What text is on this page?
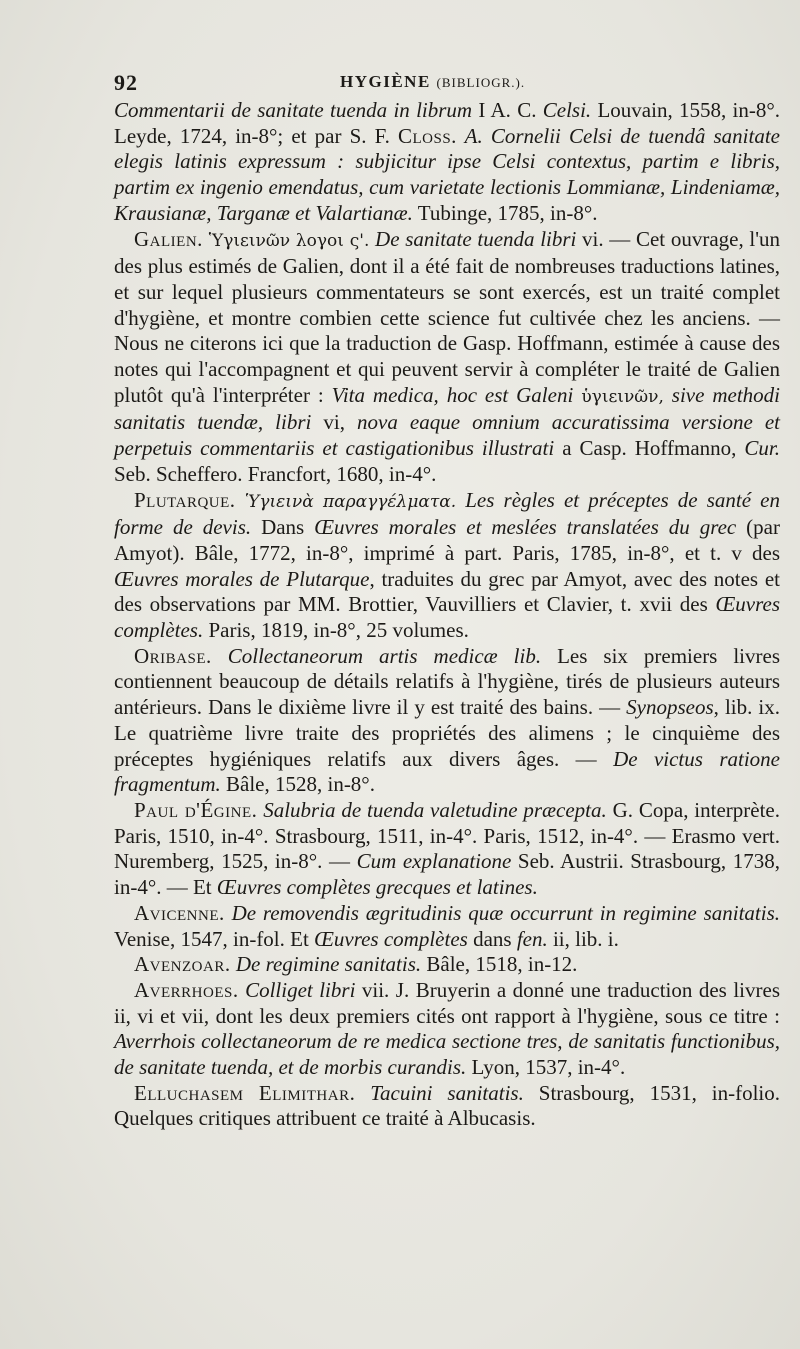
92	HYGIÈNE (BIBLIOGR.).

Commentarii de sanitate tuenda in librum I A. C. Celsi. Louvain, 1558, in-8°. Leyde, 1724, in-8°; et par S. F. Closs. A. Cornelii Celsi de tuendâ sanitate elegis latinis expressum : subjicitur ipse Celsi contextus, partim e libris, partim ex ingenio emendatus, cum varietate lectionis Lommianæ, Lindeniamæ, Krausianæ, Targanæ et Valartianæ. Tubinge, 1785, in-8°.

Galien. Ὑγιεινῶν λογοι ς'. De sanitate tuenda libri vi. — Cet ouvrage, l'un des plus estimés de Galien, dont il a été fait de nombreuses traductions latines, et sur lequel plusieurs commentateurs se sont exercés, est un traité complet d'hygiène, et montre combien cette science fut cultivée chez les anciens. — Nous ne citerons ici que la traduction de Gasp. Hoffmann, estimée à cause des notes qui l'accompagnent et qui peuvent servir à compléter le traité de Galien plutôt qu'à l'interpréter : Vita medica, hoc est Galeni ὑγιεινῶν, sive methodi sanitatis tuendæ, libri vi, nova eaque omnium accuratissima versione et perpetuis commentariis et castigationibus illustrati a Casp. Hoffmanno, Cur. Seb. Scheffero. Francfort, 1680, in-4°.

Plutarque. Ὑγιεινὰ παραγγέλματα. Les règles et préceptes de santé en forme de devis. Dans Œuvres morales et meslées translatées du grec (par Amyot). Bâle, 1772, in-8°, imprimé à part. Paris, 1785, in-8°, et t. v des Œuvres morales de Plutarque, traduites du grec par Amyot, avec des notes et des observations par MM. Brottier, Vauvilliers et Clavier, t. xvii des Œuvres complètes. Paris, 1819, in-8°, 25 volumes.

Oribase. Collectaneorum artis medicæ lib. Les six premiers livres contiennent beaucoup de détails relatifs à l'hygiène, tirés de plusieurs auteurs antérieurs. Dans le dixième livre il y est traité des bains. — Synopseos, lib. ix. Le quatrième livre traite des propriétés des alimens ; le cinquième des préceptes hygiéniques relatifs aux divers âges. — De victus ratione fragmentum. Bâle, 1528, in-8°.

Paul d'Égine. Salubria de tuenda valetudine præcepta. G. Copa, interprète. Paris, 1510, in-4°. Strasbourg, 1511, in-4°. Paris, 1512, in-4°. — Erasmo vert. Nuremberg, 1525, in-8°. — Cum explanatione Seb. Austrii. Strasbourg, 1738, in-4°. — Et Œuvres complètes grecques et latines.

Avicenne. De removendis ægritudinis quæ occurrunt in regimine sanitatis. Venise, 1547, in-fol. Et Œuvres complètes dans fen. ii, lib. i.

Avenzoar. De regimine sanitatis. Bâle, 1518, in-12.

Averrhoes. Colliget libri vii. J. Bruyerin a donné une traduction des livres ii, vi et vii, dont les deux premiers cités ont rapport à l'hygiène, sous ce titre : Averrhois collectaneorum de re medica sectione tres, de sanitatis functionibus, de sanitate tuenda, et de morbis curandis. Lyon, 1537, in-4°.

Elluchasem Elimithar. Tacuini sanitatis. Strasbourg, 1531, in-folio. Quelques critiques attribuent ce traité à Albucasis.
